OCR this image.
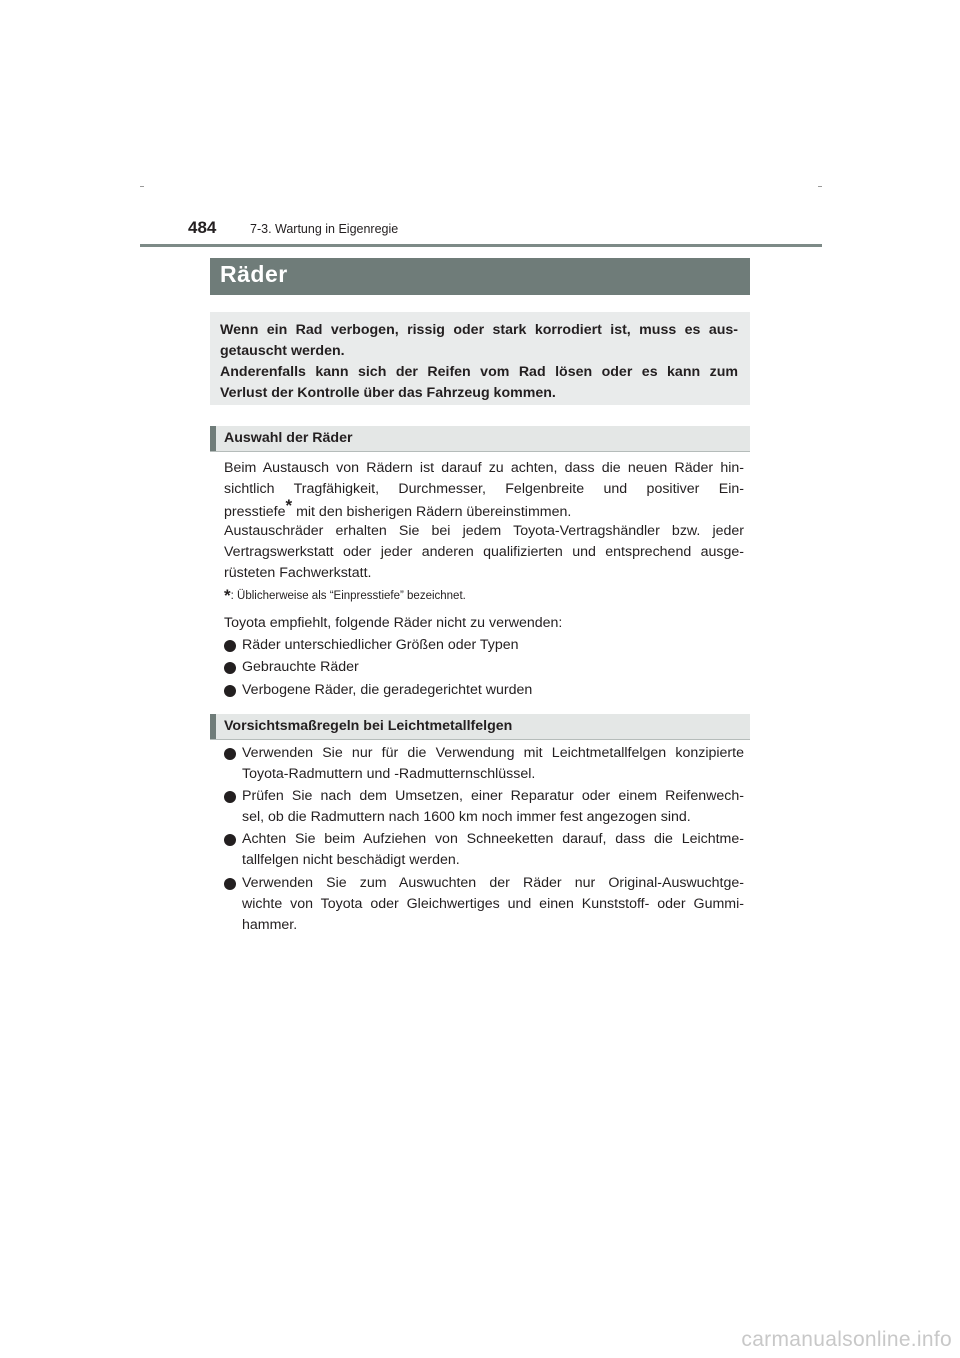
484	7-3. Wartung in Eigenregie
Räder

Wenn ein Rad verbogen, rissig oder stark korrodiert ist, muss es aus-

getauscht werden.

Anderenfalls kann sich der Reifen vom Rad lösen oder es kann zum

Verlust der Kontrolle über das Fahrzeug kommen.

Auswahl der Räder

Beim Austausch von Rädern ist darauf zu achten, dass die neuen Räder hin-

sichtlich Tragfähigkeit, Durchmesser, Felgenbreite und positiver Ein-

presstiefe* mit den bisherigen Rädern übereinstimmen.

Austauschräder erhalten Sie bei jedem Toyota-Vertragshändler bzw. jeder

Vertragswerkstatt oder jeder anderen qualifizierten und entsprechend ausge-

rüsteten Fachwerkstatt.

*: Üblicherweise als “Einpresstiefe” bezeichnet.

Toyota empfiehlt, folgende Räder nicht zu verwenden:

Räder unterschiedlicher Größen oder Typen

Gebrauchte Räder

Verbogene Räder, die geradegerichtet wurden

Vorsichtsmaßregeln bei Leichtmetallfelgen

Verwenden Sie nur für die Verwendung mit Leichtmetallfelgen konzipierte

Toyota-Radmuttern und -Radmutternschlüssel.

Prüfen Sie nach dem Umsetzen, einer Reparatur oder einem Reifenwech-

sel, ob die Radmuttern nach 1600 km noch immer fest angezogen sind.

Achten Sie beim Aufziehen von Schneeketten darauf, dass die Leichtme-

tallfelgen nicht beschädigt werden.

Verwenden Sie zum Auswuchten der Räder nur Original-Auswuchtge-

wichte von Toyota oder Gleichwertiges und einen Kunststoff- oder Gummi-

hammer.

carmanualsonline.info
